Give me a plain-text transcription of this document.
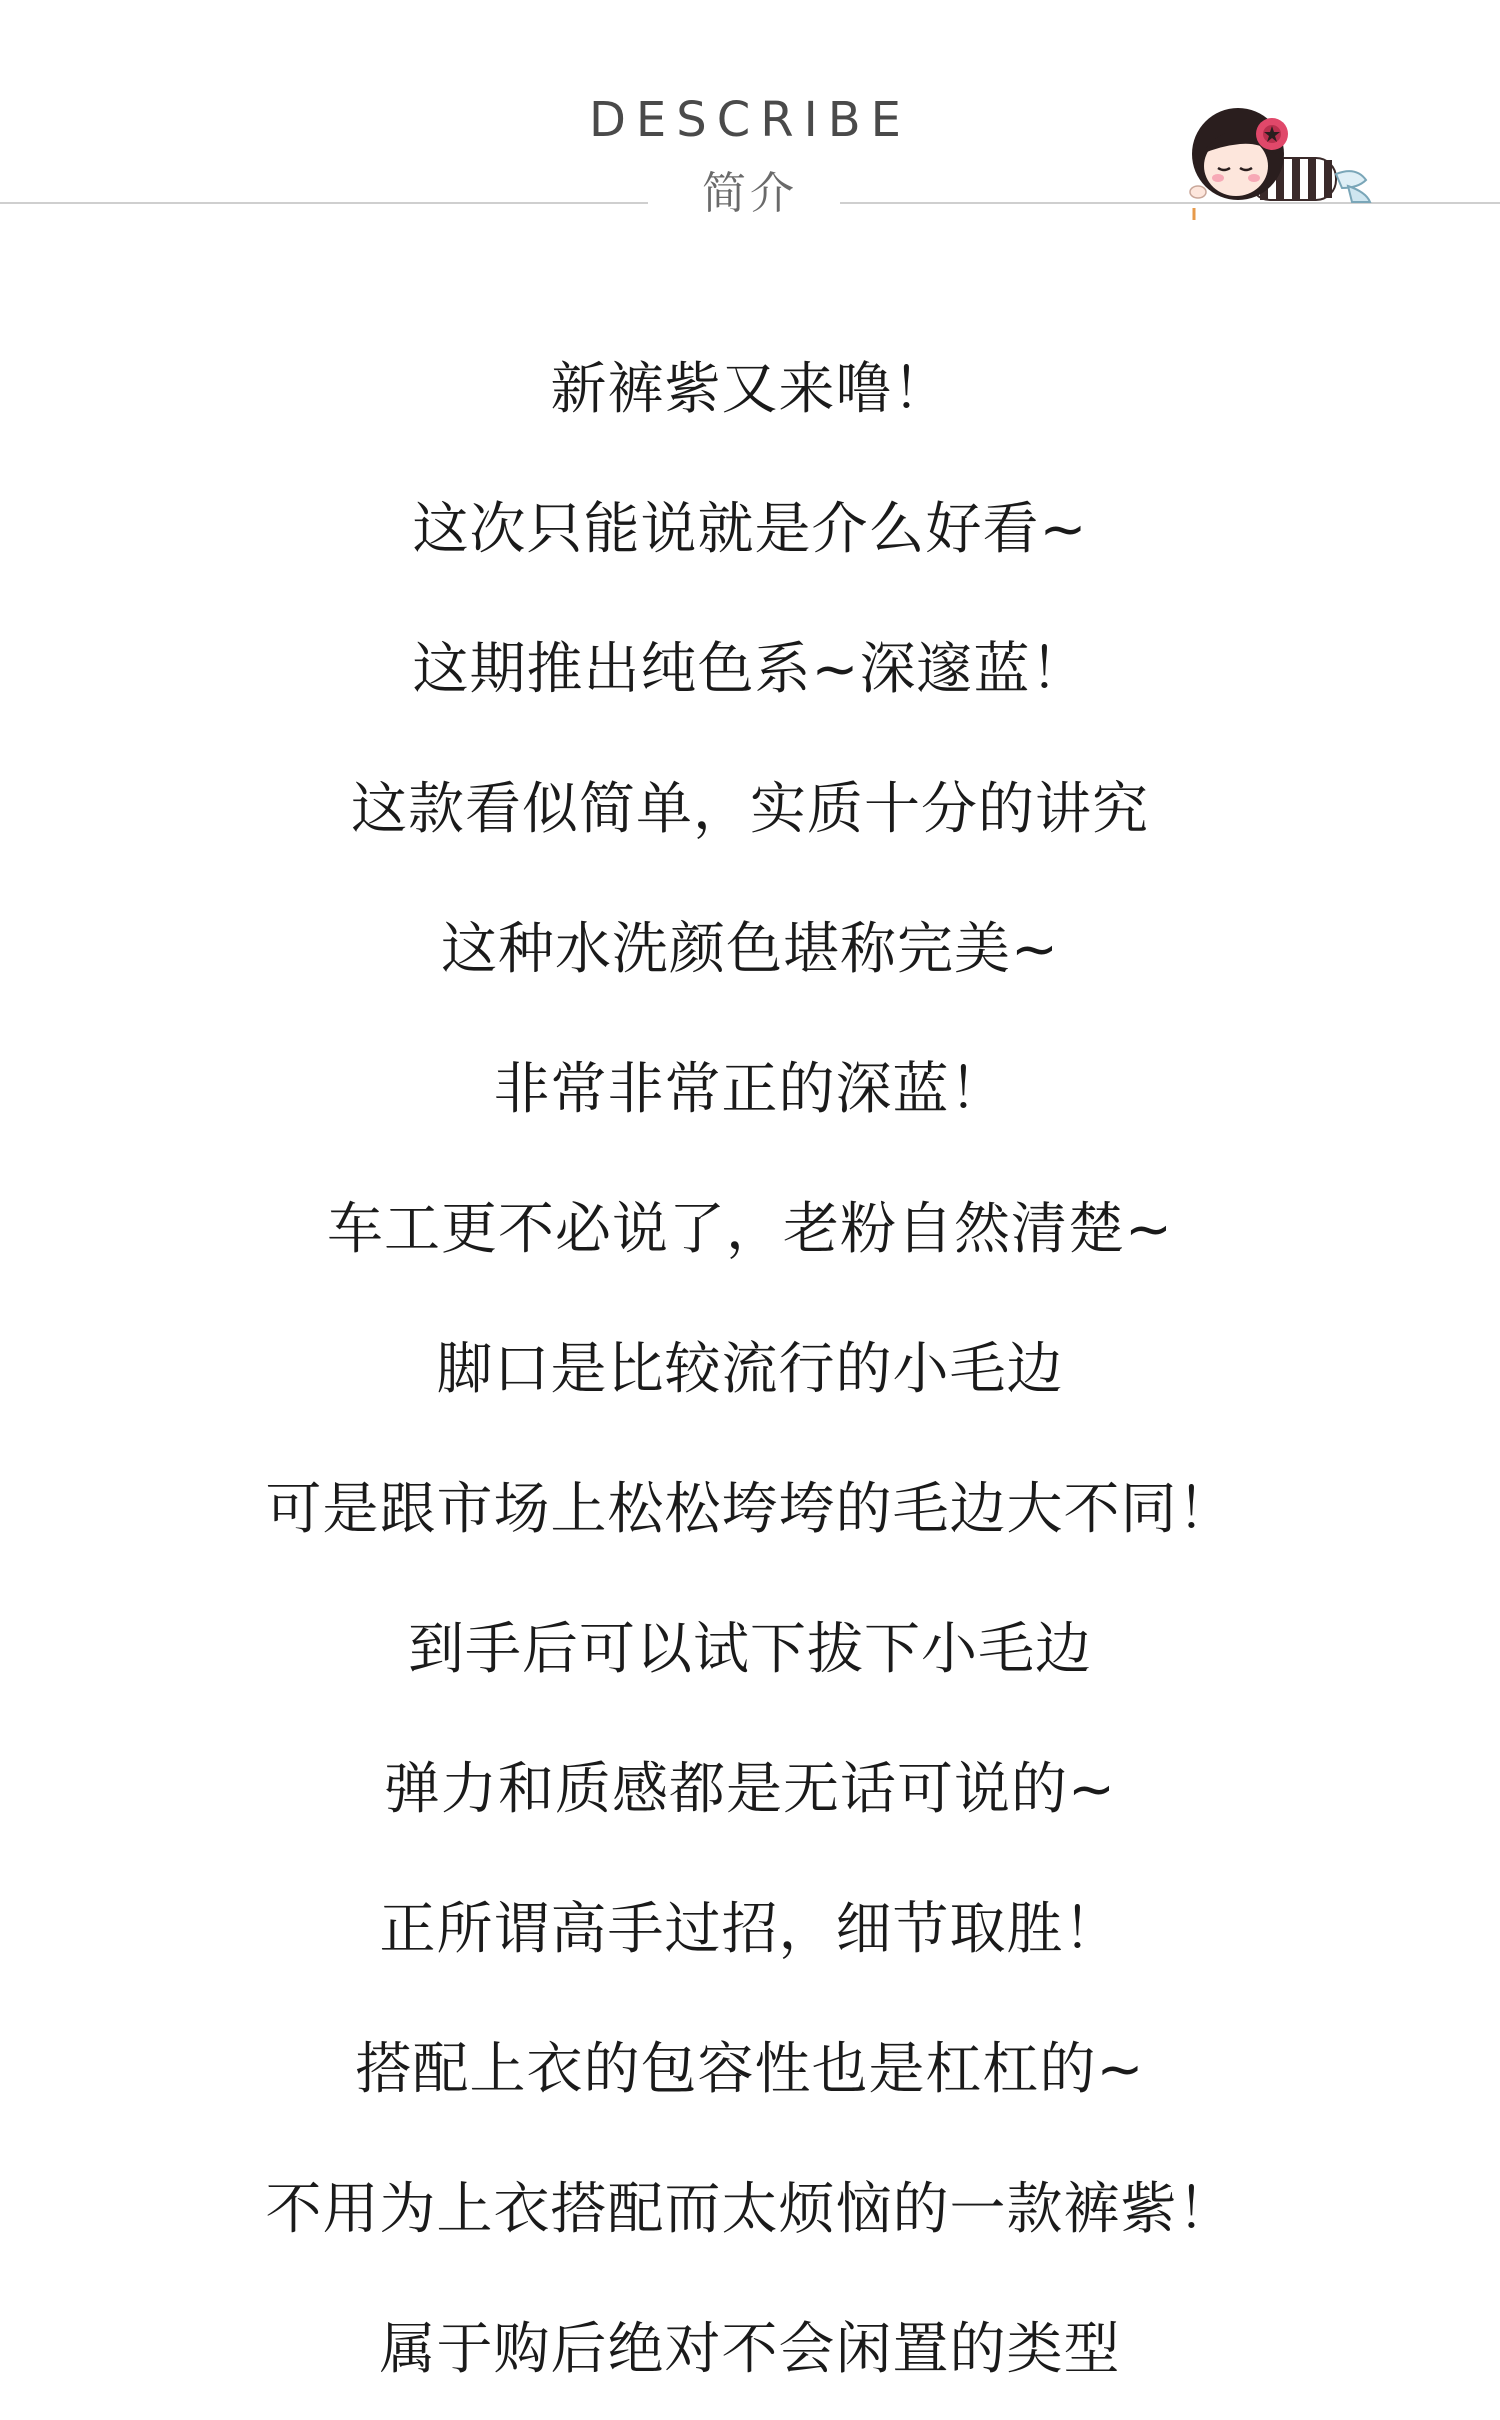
DESCRIBE
简介
新裤紫又来噜！
这次只能说就是介么好看~
这期推出纯色系~深邃蓝！
这款看似简单，实质十分的讲究
这种水洗颜色堪称完美~
非常非常正的深蓝！
车工更不必说了，老粉自然清楚~
脚口是比较流行的小毛边
可是跟市场上松松垮垮的毛边大不同！
到手后可以试下拔下小毛边
弹力和质感都是无话可说的~
正所谓高手过招，细节取胜！
搭配上衣的包容性也是杠杠的~
不用为上衣搭配而太烦恼的一款裤紫！
属于购后绝对不会闲置的类型
